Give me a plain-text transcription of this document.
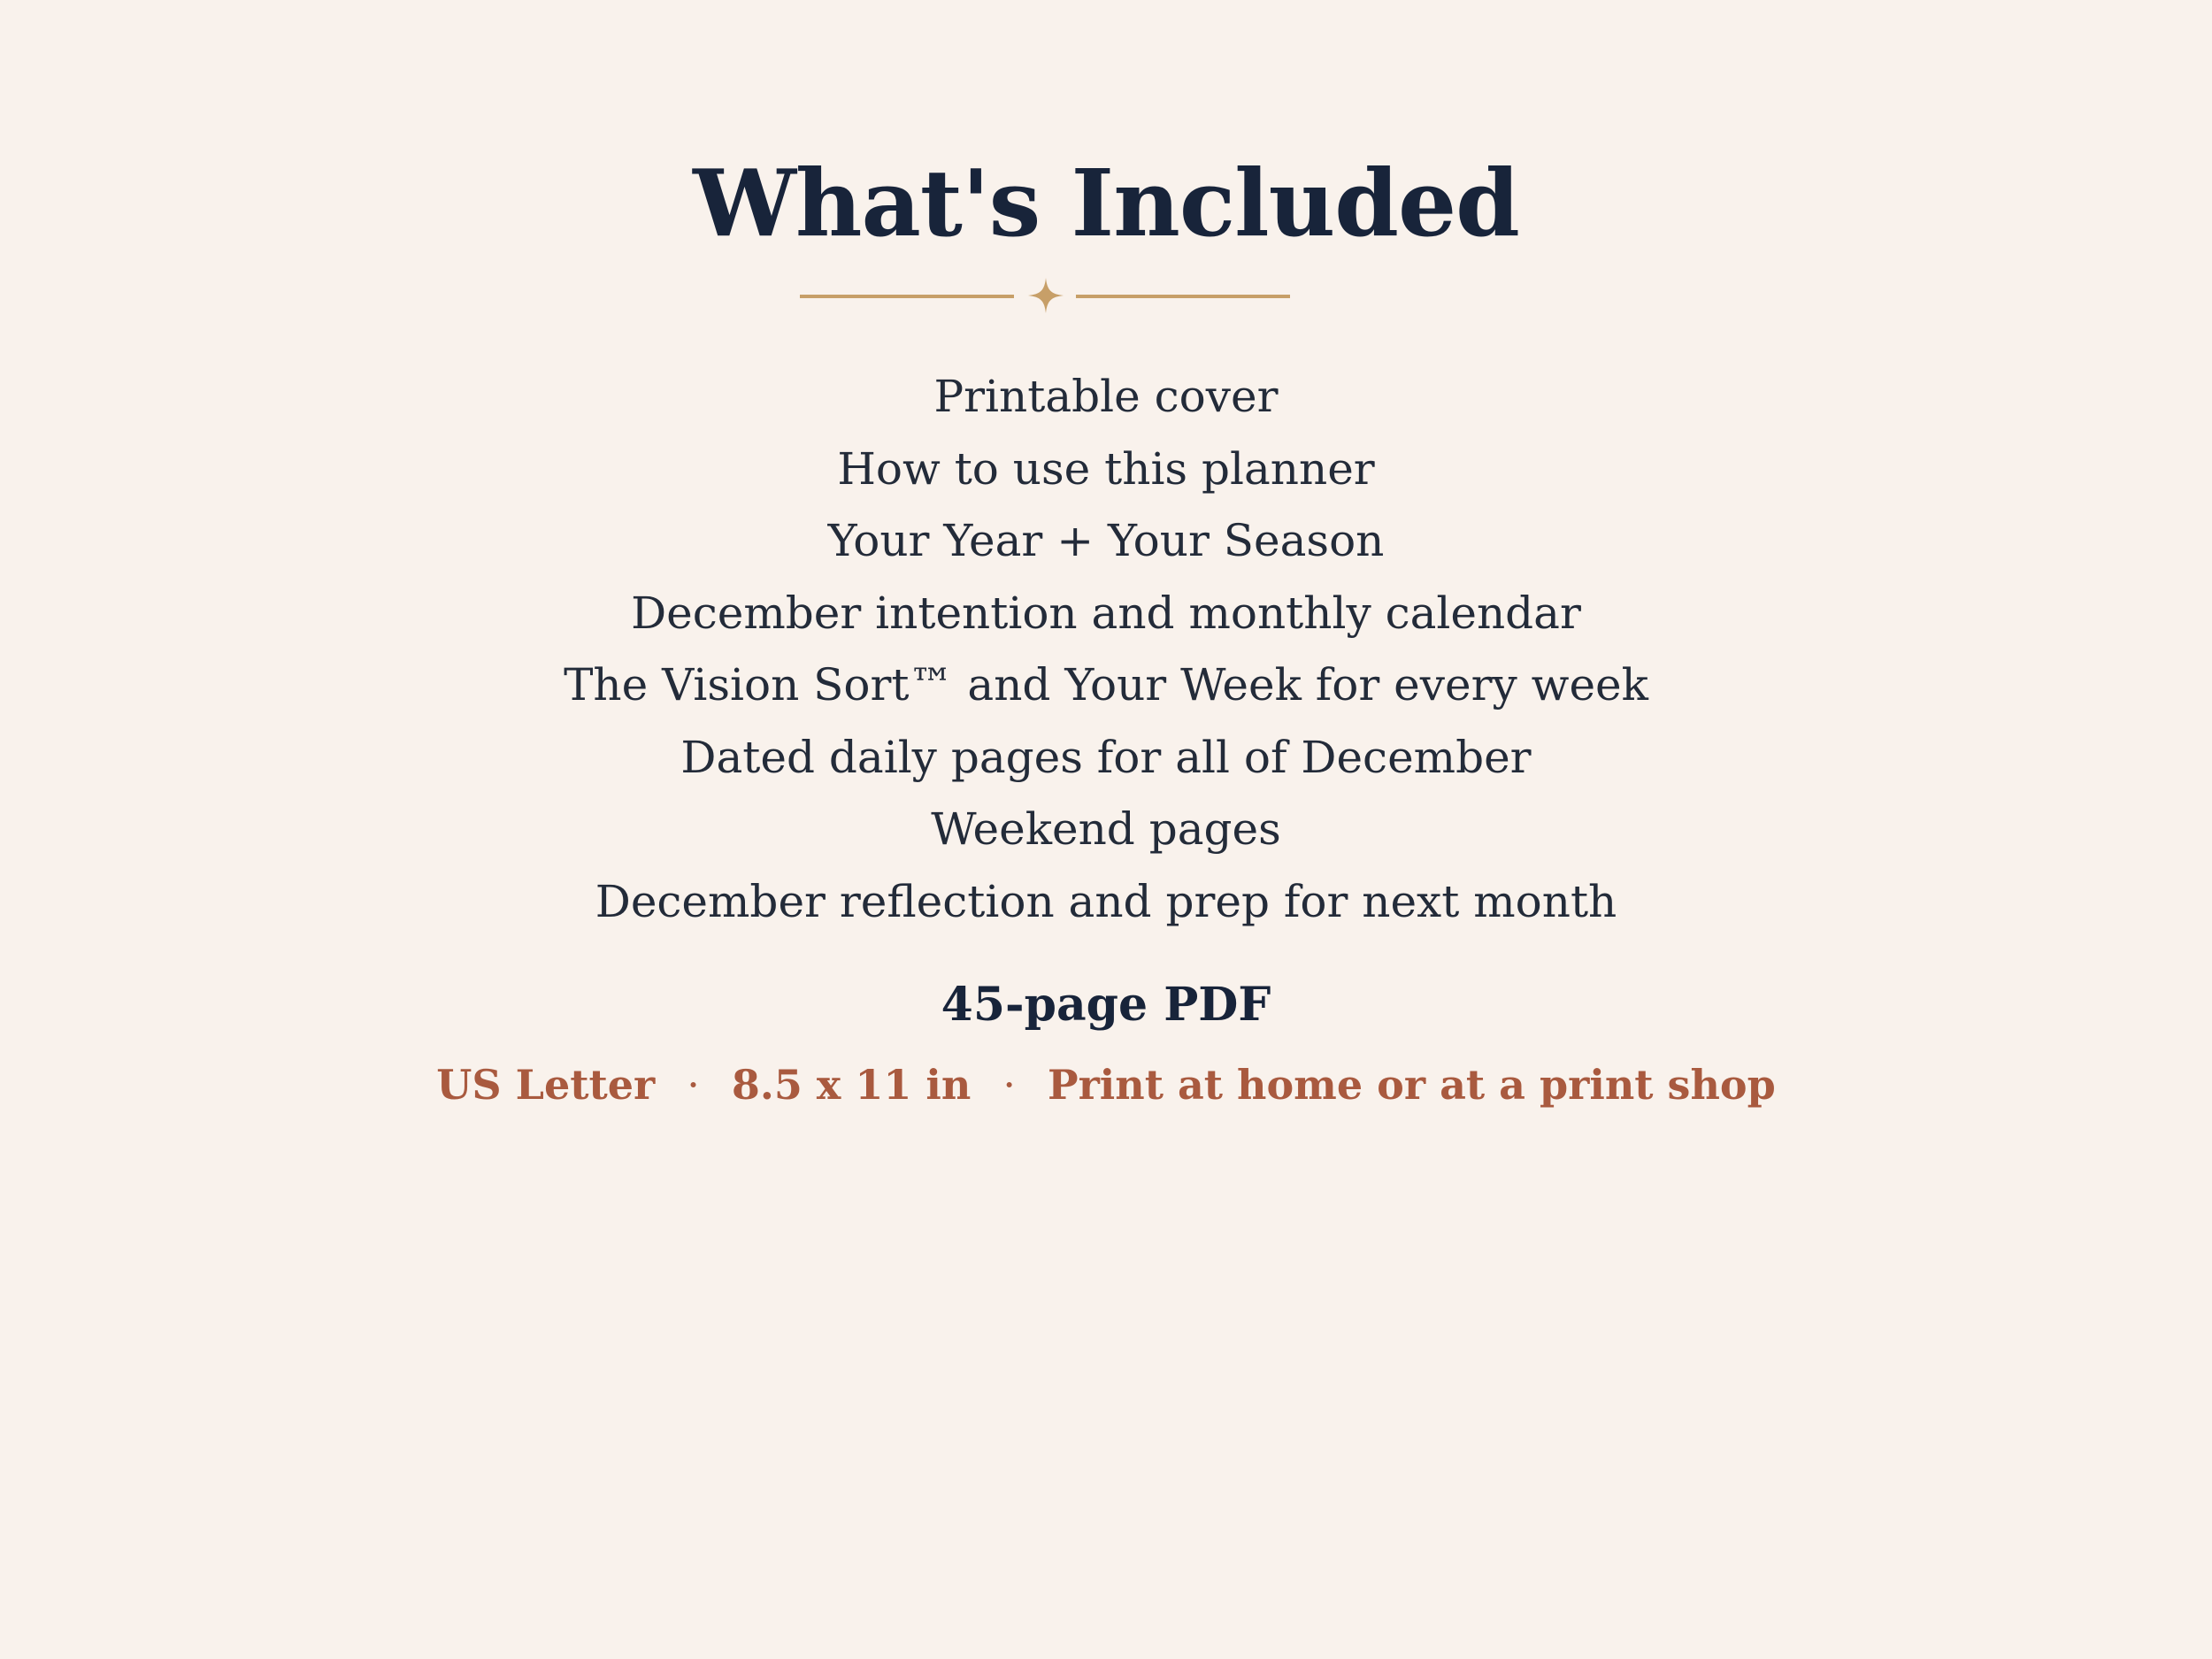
What's Included
Printable cover
How to use this planner
Your Year + Your Season
December intention and monthly calendar
The Vision Sort™ and Your Week for every week
Dated daily pages for all of December
Weekend pages
December reflection and prep for next month

45-page PDF

US Letter · 8.5 x 11 in · Print at home or at a print shop
